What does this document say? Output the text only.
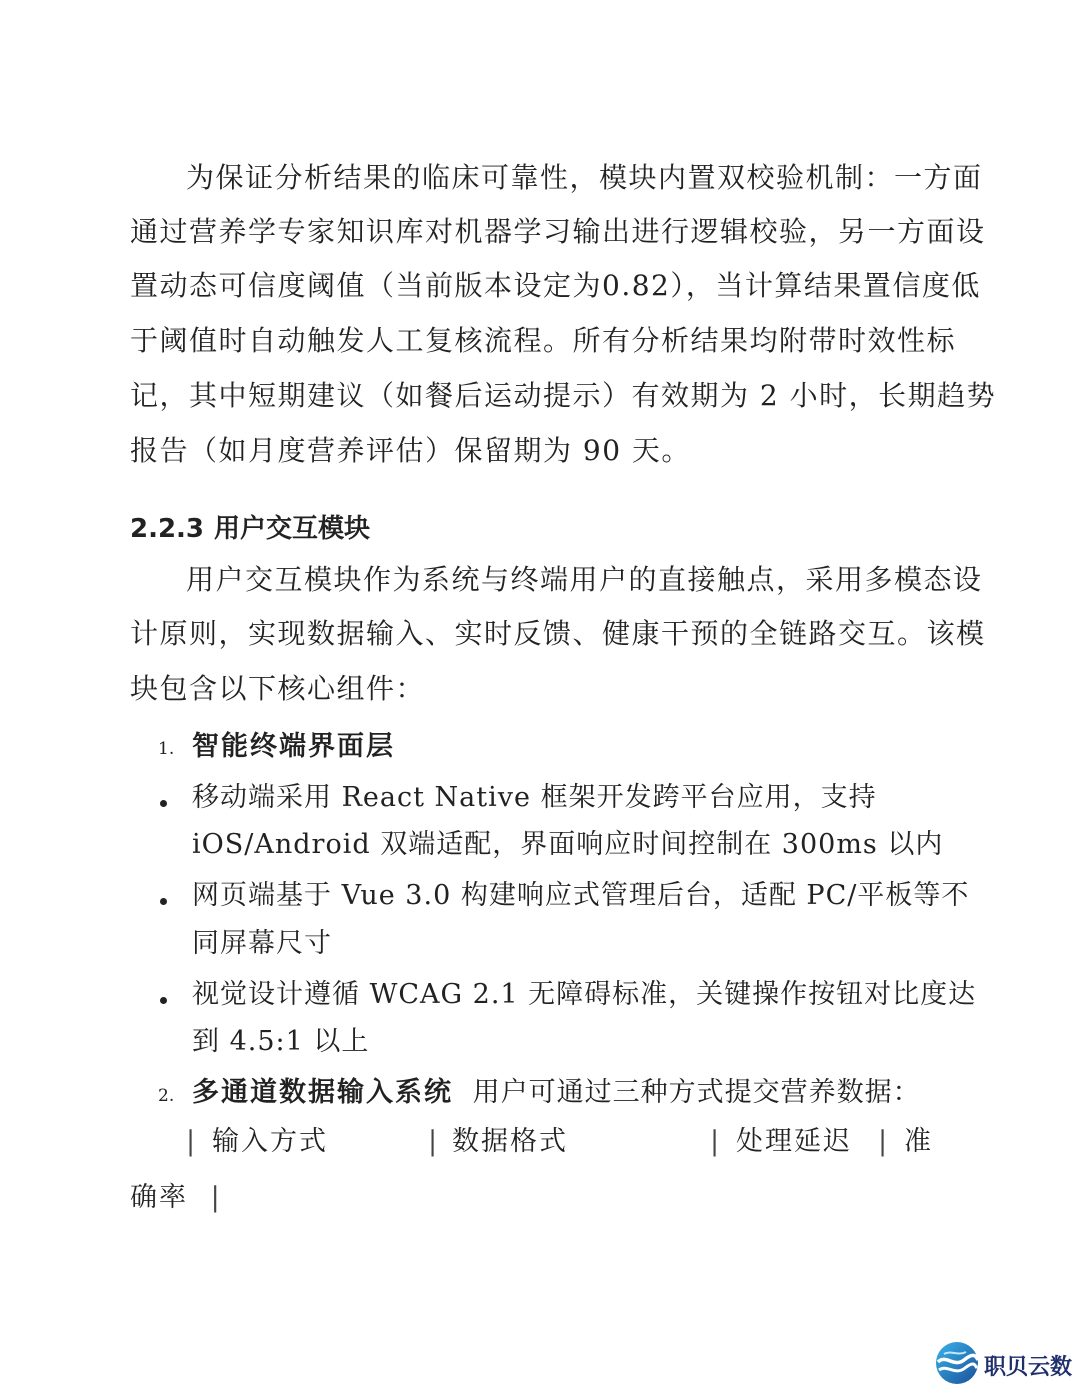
为保证分析结果的临床可靠性，模块内置双校验机制：一方面
通过营养学专家知识库对机器学习输出进行逻辑校验，另一方面设
置动态可信度阈值（当前版本设定为0.82），当计算结果置信度低
于阈值时自动触发人工复核流程。所有分析结果均附带时效性标
记，其中短期建议（如餐后运动提示）有效期为 2 小时，长期趋势
报告（如月度营养评估）保留期为 90 天。
2.2.3 用户交互模块
用户交互模块作为系统与终端用户的直接触点，采用多模态设
计原则，实现数据输入、实时反馈、健康干预的全链路交互。该模
块包含以下核心组件：
1. 智能终端界面层
移动端采用 React Native 框架开发跨平台应用，支持
iOS/Android 双端适配，界面响应时间控制在 300ms 以内
网页端基于 Vue 3.0 构建响应式管理后台，适配 PC/平板等不
同屏幕尺寸
视觉设计遵循 WCAG 2.1 无障碍标准，关键操作按钮对比度达
到 4.5:1 以上
2. 多通道数据输入系统 用户可通过三种方式提交营养数据：
| 输入方式	| 数据格式	| 处理延迟 | 准
确率 |
职贝云数
